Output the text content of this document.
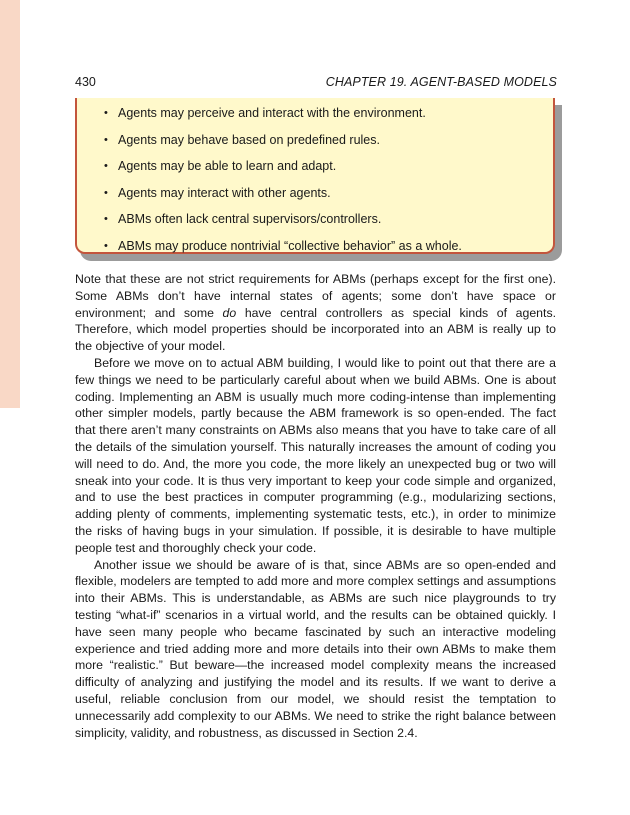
430	CHAPTER 19. AGENT-BASED MODELS
• Agents may perceive and interact with the environment.
• Agents may behave based on predefined rules.
• Agents may be able to learn and adapt.
• Agents may interact with other agents.
• ABMs often lack central supervisors/controllers.
• ABMs may produce nontrivial “collective behavior” as a whole.

Note that these are not strict requirements for ABMs (perhaps except for the first one). Some ABMs don’t have internal states of agents; some don’t have space or environment; and some do have central controllers as special kinds of agents. Therefore, which model properties should be incorporated into an ABM is really up to the objective of your model.

Before we move on to actual ABM building, I would like to point out that there are a few things we need to be particularly careful about when we build ABMs. One is about coding. Implementing an ABM is usually much more coding-intense than implementing other simpler models, partly because the ABM framework is so open-ended. The fact that there aren’t many constraints on ABMs also means that you have to take care of all the details of the simulation yourself. This naturally increases the amount of coding you will need to do. And, the more you code, the more likely an unexpected bug or two will sneak into your code. It is thus very important to keep your code simple and organized, and to use the best practices in computer programming (e.g., modularizing sections, adding plenty of comments, implementing systematic tests, etc.), in order to minimize the risks of having bugs in your simulation. If possible, it is desirable to have multiple people test and thoroughly check your code.

Another issue we should be aware of is that, since ABMs are so open-ended and flexible, modelers are tempted to add more and more complex settings and assumptions into their ABMs. This is understandable, as ABMs are such nice playgrounds to try testing “what-if” scenarios in a virtual world, and the results can be obtained quickly. I have seen many people who became fascinated by such an interactive modeling experience and tried adding more and more details into their own ABMs to make them more “realistic.” But beware—the increased model complexity means the increased difficulty of analyzing and justifying the model and its results. If we want to derive a useful, reliable conclusion from our model, we should resist the temptation to unnecessarily add complexity to our ABMs. We need to strike the right balance between simplicity, validity, and robustness, as discussed in Section 2.4.
